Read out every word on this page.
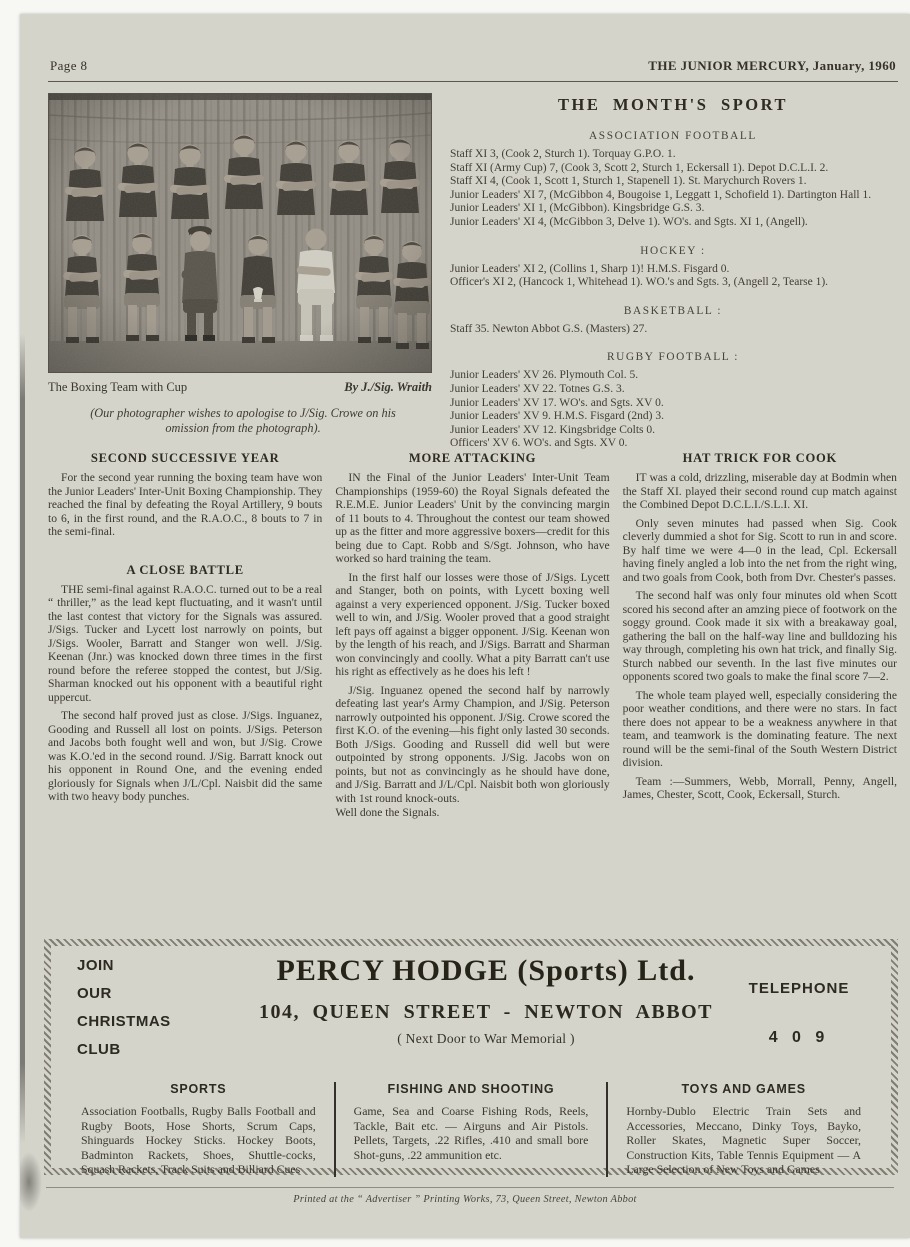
Page 8	THE JUNIOR MERCURY, January, 1960
The Boxing Team with Cup	By J./Sig. Wraith

(Our photographer wishes to apologise to J/Sig. Crowe on his omission from the photograph).

THE MONTH'S SPORT
ASSOCIATION FOOTBALL
Staff XI 3, (Cook 2, Sturch 1). Torquay G.P.O. 1.
Staff XI (Army Cup) 7, (Cook 3, Scott 2, Sturch 1, Eckersall 1). Depot D.C.L.I. 2.
Staff XI 4, (Cook 1, Scott 1, Sturch 1, Stapenell 1). St. Marychurch Rovers 1.
Junior Leaders' XI 7, (McGibbon 4, Bougoise 1, Leggatt 1, Schofield 1). Dartington Hall 1.
Junior Leaders' XI 1, (McGibbon). Kingsbridge G.S. 3.
Junior Leaders' XI 4, (McGibbon 3, Delve 1). WO's. and Sgts. XI 1, (Angell).
HOCKEY :
Junior Leaders' XI 2, (Collins 1, Sharp 1)! H.M.S. Fisgard 0.
Officer's XI 2, (Hancock 1, Whitehead 1). WO.'s and Sgts. 3, (Angell 2, Tearse 1).
BASKETBALL :
Staff 35. Newton Abbot G.S. (Masters) 27.
RUGBY FOOTBALL :
Junior Leaders' XV 26. Plymouth Col. 5.
Junior Leaders' XV 22. Totnes G.S. 3.
Junior Leaders' XV 17. WO's. and Sgts. XV 0.
Junior Leaders' XV 9. H.M.S. Fisgard (2nd) 3.
Junior Leaders' XV 12. Kingsbridge Colts 0.
Officers' XV 6. WO's. and Sgts. XV 0.
SECOND SUCCESSIVE YEAR

For the second year running the boxing team have won the Junior Leaders' Inter-Unit Boxing Championship. They reached the final by defeating the Royal Artillery, 9 bouts to 6, in the first round, and the R.A.O.C., 8 bouts to 7 in the semi-final.

A CLOSE BATTLE

THE semi-final against R.A.O.C. turned out to be a real “ thriller,” as the lead kept fluctuating, and it wasn't until the last contest that victory for the Signals was assured. J/Sigs. Tucker and Lycett lost narrowly on points, but J/Sigs. Wooler, Barratt and Stanger won well. J/Sig. Keenan (Jnr.) was knocked down three times in the first round before the referee stopped the contest, but J/Sig. Sharman knocked out his opponent with a beautiful right uppercut.

The second half proved just as close. J/Sigs. Inguanez, Gooding and Russell all lost on points. J/Sigs. Peterson and Jacobs both fought well and won, but J/Sig. Crowe was K.O.'ed in the second round. J/Sig. Barratt knock out his opponent in Round One, and the evening ended gloriously for Signals when J/L/Cpl. Naisbit did the same with two heavy body punches.

MORE ATTACKING

IN the Final of the Junior Leaders' Inter-Unit Team Championships (1959-60) the Royal Signals defeated the R.E.M.E. Junior Leaders' Unit by the convincing margin of 11 bouts to 4. Throughout the contest our team showed up as the fitter and more aggressive boxers—credit for this being due to Capt. Robb and S/Sgt. Johnson, who have worked so hard training the team.

In the first half our losses were those of J/Sigs. Lycett and Stanger, both on points, with Lycett boxing well against a very experienced opponent. J/Sig. Tucker boxed well to win, and J/Sig. Wooler proved that a good straight left pays off against a bigger opponent. J/Sig. Keenan won by the length of his reach, and J/Sigs. Barratt and Sharman won convincingly and coolly. What a pity Barratt can't use his right as effectively as he does his left !

J/Sig. Inguanez opened the second half by narrowly defeating last year's Army Champion, and J/Sig. Peterson narrowly outpointed his opponent. J/Sig. Crowe scored the first K.O. of the evening—his fight only lasted 30 seconds. Both J/Sigs. Gooding and Russell did well but were outpointed by strong opponents. J/Sig. Jacobs won on points, but not as convincingly as he should have done, and J/Sig. Barratt and J/L/Cpl. Naisbit both won gloriously with 1st round knock-outs.

Well done the Signals.

HAT TRICK FOR COOK

IT was a cold, drizzling, miserable day at Bodmin when the Staff XI. played their second round cup match against the Combined Depot D.C.L.I./S.L.I. XI.

Only seven minutes had passed when Sig. Cook cleverly dummied a shot for Sig. Scott to run in and score. By half time we were 4—0 in the lead, Cpl. Eckersall having finely angled a lob into the net from the right wing, and two goals from Cook, both from Dvr. Chester's passes.

The second half was only four minutes old when Scott scored his second after an amzing piece of footwork on the soggy ground. Cook made it six with a breakaway goal, gathering the ball on the half-way line and bulldozing his way through, completing his own hat trick, and finally Sig. Sturch nabbed our seventh. In the last five minutes our opponents scored two goals to make the final score 7—2.

The whole team played well, especially considering the poor weather conditions, and there were no stars. In fact there does not appear to be a weakness anywhere in that team, and teamwork is the dominating feature. The next round will be the semi-final of the South Western District division.

Team :—Summers, Webb, Morrall, Penny, Angell, James, Chester, Scott, Cook, Eckersall, Sturch.

JOIN
OUR
CHRISTMAS
CLUB
PERCY HODGE (Sports) Ltd.
104, QUEEN STREET - NEWTON ABBOT
( Next Door to War Memorial )
TELEPHONE
4 0 9
SPORTS

Association Footballs, Rugby Balls Football and Rugby Boots, Hose Shorts, Scrum Caps, Shinguards Hockey Sticks. Hockey Boots, Badminton Rackets, Shoes, Shuttle-cocks, Squash Rackets, Track Suits and Billiard Cues

FISHING AND SHOOTING

Game, Sea and Coarse Fishing Rods, Reels, Tackle, Bait etc. — Airguns and Air Pistols. Pellets, Targets, .22 Rifles, .410 and small bore Shot-guns, .22 ammunition etc.

TOYS AND GAMES

Hornby-Dublo Electric Train Sets and Accessories, Meccano, Dinky Toys, Bayko, Roller Skates, Magnetic Super Soccer, Construction Kits, Table Tennis Equipment — A Large Selection of New Toys and Games

Printed at the “ Advertiser ” Printing Works, 73, Queen Street, Newton Abbot
